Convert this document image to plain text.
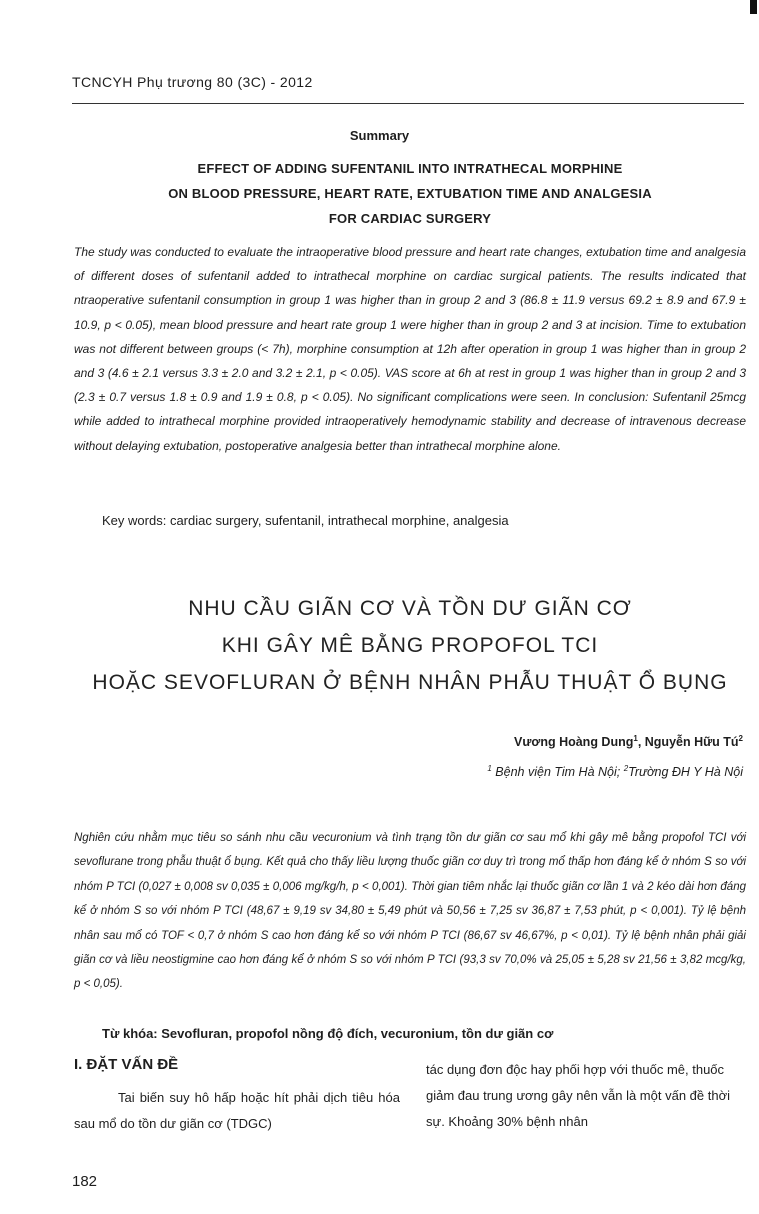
TCNCYH Phụ trương 80 (3C) - 2012
Summary
EFFECT OF ADDING SUFENTANIL INTO INTRATHECAL MORPHINE
ON BLOOD PRESSURE, HEART RATE, EXTUBATION TIME AND ANALGESIA
FOR CARDIAC SURGERY
The study was conducted to evaluate the intraoperative blood pressure and heart rate changes, extubation time and analgesia of different doses of sufentanil added to intrathecal morphine on cardiac surgical patients. The results indicated that ntraoperative sufentanil consumption in group 1 was higher than in group 2 and 3 (86.8 ± 11.9 versus 69.2 ± 8.9 and 67.9 ± 10.9, p < 0.05), mean blood pressure and heart rate group 1 were higher than in group 2 and 3 at incision. Time to extubation was not different between groups (< 7h), morphine consumption at 12h after operation in group 1 was higher than in group 2 and 3 (4.6 ± 2.1 versus 3.3 ± 2.0 and 3.2 ± 2.1, p < 0.05). VAS score at 6h at rest in group 1 was higher than in group 2 and 3 (2.3 ± 0.7 versus 1.8 ± 0.9 and 1.9 ± 0.8, p < 0.05). No significant complications were seen. In conclusion: Sufentanil 25mcg while added to intrathecal morphine provided intraoperatively hemodynamic stability and decrease of intravenous decrease without delaying extubation, postoperative analgesia better than intrathecal morphine alone.
Key words: cardiac surgery, sufentanil, intrathecal morphine, analgesia
NHU CẦU GIÃN CƠ VÀ TỒN DƯ GIÃN CƠ
KHI GÂY MÊ BẰNG PROPOFOL TCI
HOẶC SEVOFLURAN Ở BỆNH NHÂN PHẪU THUẬT Ổ BỤNG
Vương Hoàng Dung$^1$, Nguyễn Hữu $Tú^2$
$^1$ Bệnh viện Tim Hà Nội; $^2$Trường ĐH Y Hà Nội
Nghiên cứu nhằm mục tiêu so sánh nhu cầu vecuronium và tình trạng tồn dư giãn cơ sau mổ khi gây mê bằng propofol TCI với sevoflurane trong phẫu thuật ổ bụng. Kết quả cho thấy liều lượng thuốc giãn cơ duy trì trong mổ thấp hơn đáng kể ở nhóm S so với nhóm P TCI (0,027 ± 0,008 sv 0,035 ± 0,006 mg/kg/h, p < 0,001). Thời gian tiêm nhắc lại thuốc giãn cơ lần 1 và 2 kéo dài hơn đáng kể ở nhóm S so với nhóm P TCI (48,67 ± 9,19 sv 34,80 ± 5,49 phút và 50,56 ± 7,25 sv 36,87 ± 7,53 phút, p < 0,001). Tỷ lệ bệnh nhân sau mổ có TOF < 0,7 ở nhóm S cao hơn đáng kể so với nhóm P TCI (86,67 sv 46,67%, p < 0,01). Tỷ lệ bệnh nhân phải giải giãn cơ và liều neostigmine cao hơn đáng kể ở nhóm S so với nhóm P TCI (93,3 sv 70,0% và 25,05 ± 5,28 sv 21,56 ± 3,82 mcg/kg, p < 0,05).
Từ khóa: Sevofluran, propofol nồng độ đích, vecuronium, tồn dư giãn cơ
I. ĐẶT VẤN ĐỀ
Tai biến suy hô hấp hoặc hít phải dịch tiêu hóa sau mổ do tồn dư giãn cơ (TDGC)
tác dụng đơn độc hay phối hợp với thuốc mê, thuốc giảm đau trung ương gây nên vẫn là một vấn đề thời sự. Khoảng 30% bệnh nhân
182
